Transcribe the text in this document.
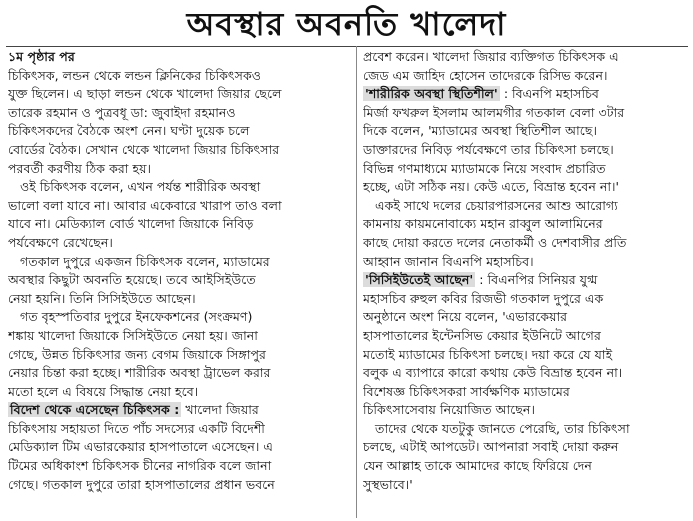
অবস্থার অবনতি খালেদা
১ম পৃষ্ঠার পর
চিকিৎসক, লন্ডন থেকে লন্ডন ক্লিনিকের চিকিৎসকও
যুক্ত ছিলেন। এ ছাড়া লন্ডন থেকে খালেদা জিয়ার ছেলে
তারেক রহমান ও পুত্রবধূ ডা: জুবাইদা রহমানও
চিকিৎসকদের বৈঠকে অংশ নেন। ঘণ্টা দুয়েক চলে
বোর্ডের বৈঠক। সেখান থেকে খালেদা জিয়ার চিকিৎসার
পরবর্তী করণীয় ঠিক করা হয়।
ওই চিকিৎসক বলেন, এখন পর্যন্ত শারীরিক অবস্থা
ভালো বলা যাবে না। আবার একেবারে খারাপ তাও বলা
যাবে না। মেডিক্যাল বোর্ড খালেদা জিয়াকে নিবিড়
পর্যবেক্ষণে রেখেছেন।
গতকাল দুপুরে একজন চিকিৎসক বলেন, ম্যাডামের
অবস্থার কিছুটা অবনতি হয়েছে। তবে আইসিইউতে
নেয়া হয়নি। তিনি সিসিইউতে আছেন।
গত বৃহস্পতিবার দুপুরে ইনফেকশনের (সংক্রমণ)
শঙ্কায় খালেদা জিয়াকে সিসিইউতে নেয়া হয়। জানা
গেছে, উন্নত চিকিৎসার জন্য বেগম জিয়াকে সিঙ্গাপুর
নেয়ার চিন্তা করা হচ্ছে। শারীরিক অবস্থা ট্রাভেল করার
মতো হলে এ বিষয়ে সিদ্ধান্ত নেয়া হবে।
বিদেশ থেকে এসেছেন চিকিৎসক : খালেদা জিয়ার
চিকিৎসায় সহায়তা দিতে পাঁচ সদস্যের একটি বিদেশী
মেডিক্যাল টিম এভারকেয়ার হাসপাতালে এসেছেন। এ
টিমের অধিকাংশ চিকিৎসক চীনের নাগরিক বলে জানা
গেছে। গতকাল দুপুরে তারা হাসপাতালের প্রধান ভবনে
প্রবেশ করেন। খালেদা জিয়ার ব্যক্তিগত চিকিৎসক এ
জেড এম জাহিদ হোসেন তাদেরকে রিসিভ করেন।
'শারীরিক অবস্থা স্থিতিশীল' : বিএনপি মহাসচিব
মির্জা ফখরুল ইসলাম আলমগীর গতকাল বেলা ৩টার
দিকে বলেন, 'ম্যাডামের অবস্থা স্থিতিশীল আছে।
ডাক্তারদের নিবিড় পর্যবেক্ষণে তার চিকিৎসা চলছে।
বিভিন্ন গণমাধ্যমে ম্যাডামকে নিয়ে সংবাদ প্রচারিত
হচ্ছে, এটা সঠিক নয়। কেউ এতে, বিভ্রান্ত হবেন না।'
একই সাথে দলের চেয়ারপারসনের আশু আরোগ্য
কামনায় কায়মনোবাক্যে মহান রাব্বুল আলামিনের
কাছে দোয়া করতে দলের নেতাকর্মী ও দেশবাসীর প্রতি
আহ্বান জানান বিএনপি মহাসচিব।
'সিসিইউতেই আছেন' : বিএনপির সিনিয়র যুগ্ম
মহাসচিব রুহুল কবির রিজভী গতকাল দুপুরে এক
অনুষ্ঠানে অংশ নিয়ে বলেন, 'এভারকেয়ার
হাসপাতালের ইন্টেনসিভ কেয়ার ইউনিটে আগের
মতোই ম্যাডামের চিকিৎসা চলছে। দয়া করে যে যাই
বলুক এ ব্যাপারে কারো কথায় কেউ বিভ্রান্ত হবেন না।
বিশেষজ্ঞ চিকিৎসকরা সার্বক্ষণিক ম্যাডামের
চিকিৎসাসেবায় নিয়োজিত আছেন।
তাদের থেকে যতটুকু জানতে পেরেছি, তার চিকিৎসা
চলছে, এটাই আপডেট। আপনারা সবাই দোয়া করুন
যেন আল্লাহ তাকে আমাদের কাছে ফিরিয়ে দেন
সুস্থভাবে।'
